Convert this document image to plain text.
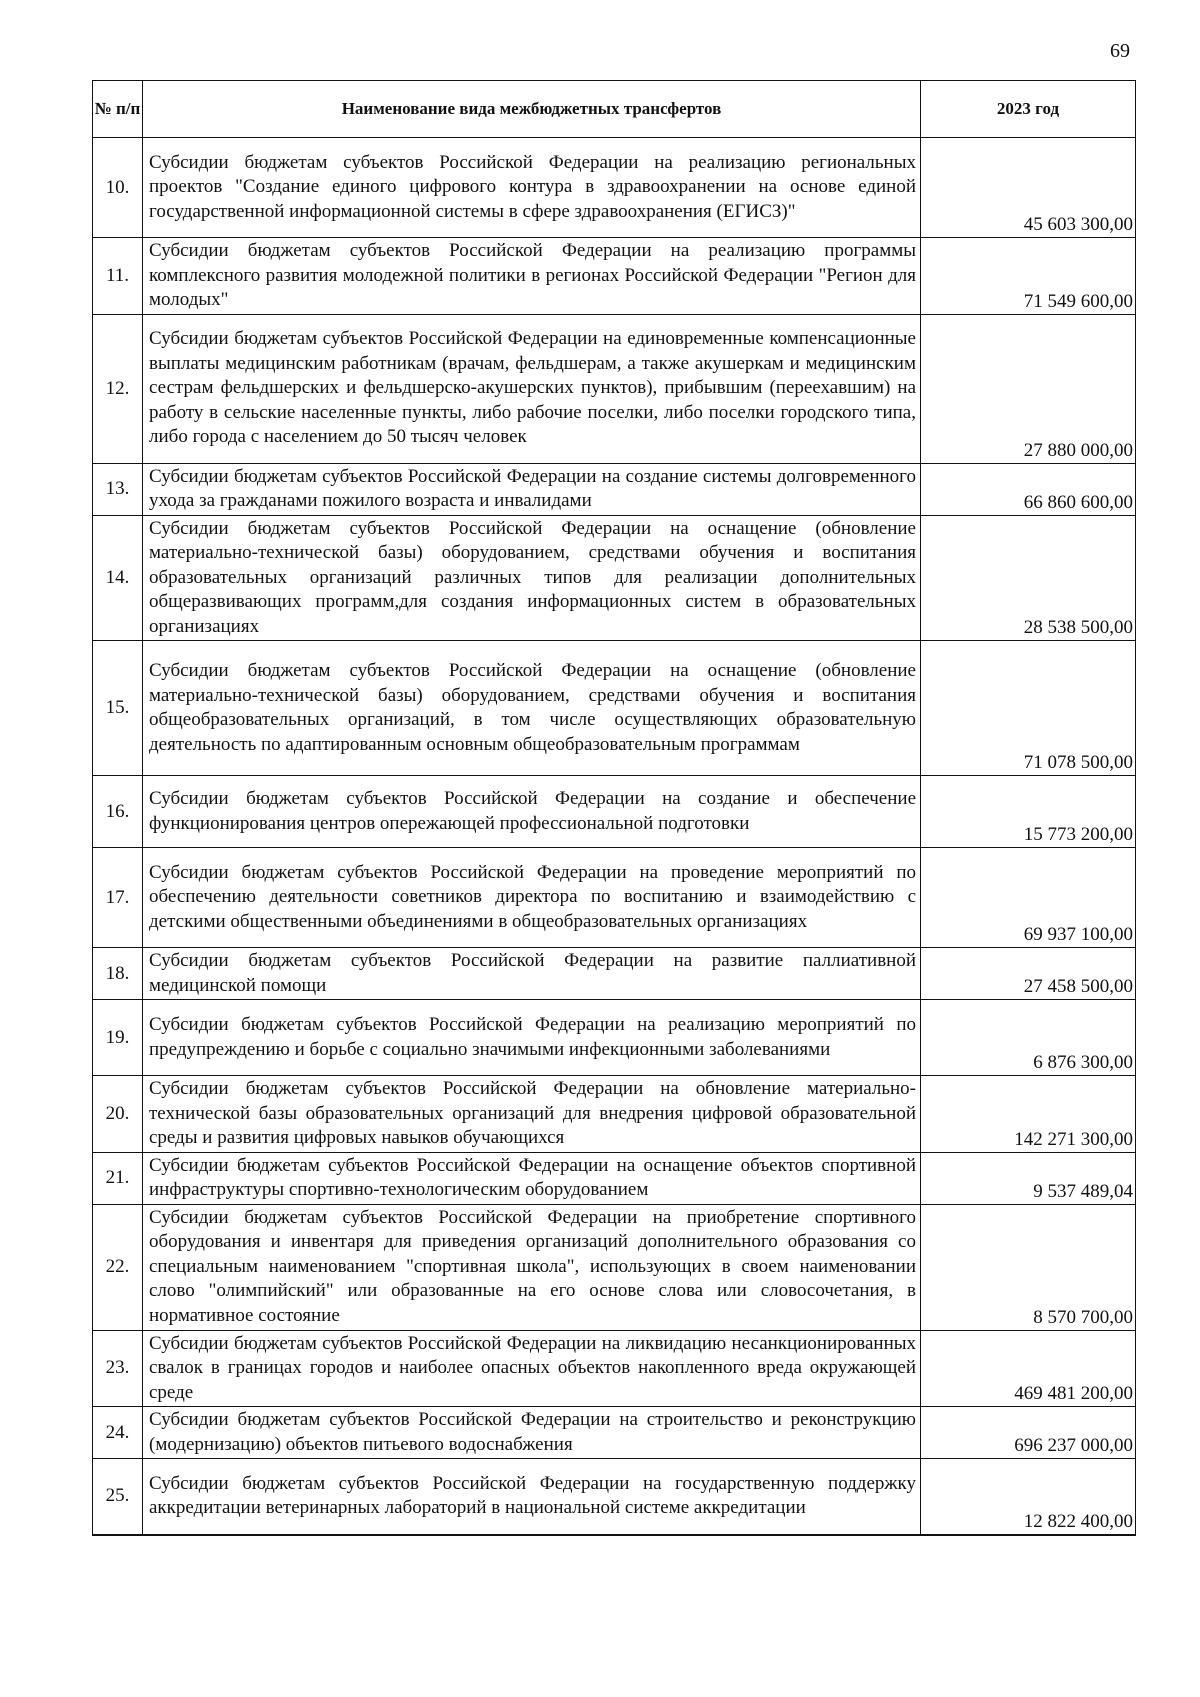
69
№ п/п	Наименование вида межбюджетных трансфертов	2023 год
10.	Субсидии бюджетам субъектов Российской Федерации на реализацию региональных проектов "Создание единого цифрового контура в здравоохранении на основе единой государственной информационной системы в сфере здравоохранения (ЕГИСЗ)"	45 603 300,00
11.	Субсидии бюджетам субъектов Российской Федерации на реализацию программы комплексного развития молодежной политики в регионах Российской Федерации "Регион для молодых"	71 549 600,00
12.	Субсидии бюджетам субъектов Российской Федерации на единовременные компенсационные выплаты медицинским работникам (врачам, фельдшерам, а также акушеркам и медицинским сестрам фельдшерских и фельдшерско-акушерских пунктов), прибывшим (переехавшим) на работу в сельские населенные пункты, либо рабочие поселки, либо поселки городского типа, либо города с населением до 50 тысяч человек	27 880 000,00
13.	Субсидии бюджетам субъектов Российской Федерации на создание системы долговременного ухода за гражданами пожилого возраста и инвалидами	66 860 600,00
14.	Субсидии бюджетам субъектов Российской Федерации на оснащение (обновление материально-технической базы) оборудованием, средствами обучения и воспитания образовательных организаций различных типов для реализации дополнительных общеразвивающих программ,для создания информационных систем в образовательных организациях	28 538 500,00
15.	Субсидии бюджетам субъектов Российской Федерации на оснащение (обновление материально-технической базы) оборудованием, средствами обучения и воспитания общеобразовательных организаций, в том числе осуществляющих образовательную деятельность по адаптированным основным общеобразовательным программам	71 078 500,00
16.	Субсидии бюджетам субъектов Российской Федерации на создание и обеспечение функционирования центров опережающей профессиональной подготовки	15 773 200,00
17.	Субсидии бюджетам субъектов Российской Федерации на проведение мероприятий по обеспечению деятельности советников директора по воспитанию и взаимодействию с детскими общественными объединениями в общеобразовательных организациях	69 937 100,00
18.	Субсидии бюджетам субъектов Российской Федерации на развитие паллиативной медицинской помощи	27 458 500,00
19.	Субсидии бюджетам субъектов Российской Федерации на реализацию мероприятий по предупреждению и борьбе с социально значимыми инфекционными заболеваниями	6 876 300,00
20.	Субсидии бюджетам субъектов Российской Федерации на обновление материально-технической базы образовательных организаций для внедрения цифровой образовательной среды и развития цифровых навыков обучающихся	142 271 300,00
21.	Субсидии бюджетам субъектов Российской Федерации на оснащение объектов спортивной инфраструктуры спортивно-технологическим оборудованием	9 537 489,04
22.	Субсидии бюджетам субъектов Российской Федерации на приобретение спортивного оборудования и инвентаря для приведения организаций дополнительного образования со специальным наименованием "спортивная школа", использующих в своем наименовании слово "олимпийский" или образованные на его основе слова или словосочетания, в нормативное состояние	8 570 700,00
23.	Субсидии бюджетам субъектов Российской Федерации на ликвидацию несанкционированных свалок в границах городов и наиболее опасных объектов накопленного вреда окружающей среде	469 481 200,00
24.	Субсидии бюджетам субъектов Российской Федерации на строительство и реконструкцию (модернизацию) объектов питьевого водоснабжения	696 237 000,00
25.	Субсидии бюджетам субъектов Российской Федерации на государственную поддержку аккредитации ветеринарных лабораторий в национальной системе аккредитации	12 822 400,00
